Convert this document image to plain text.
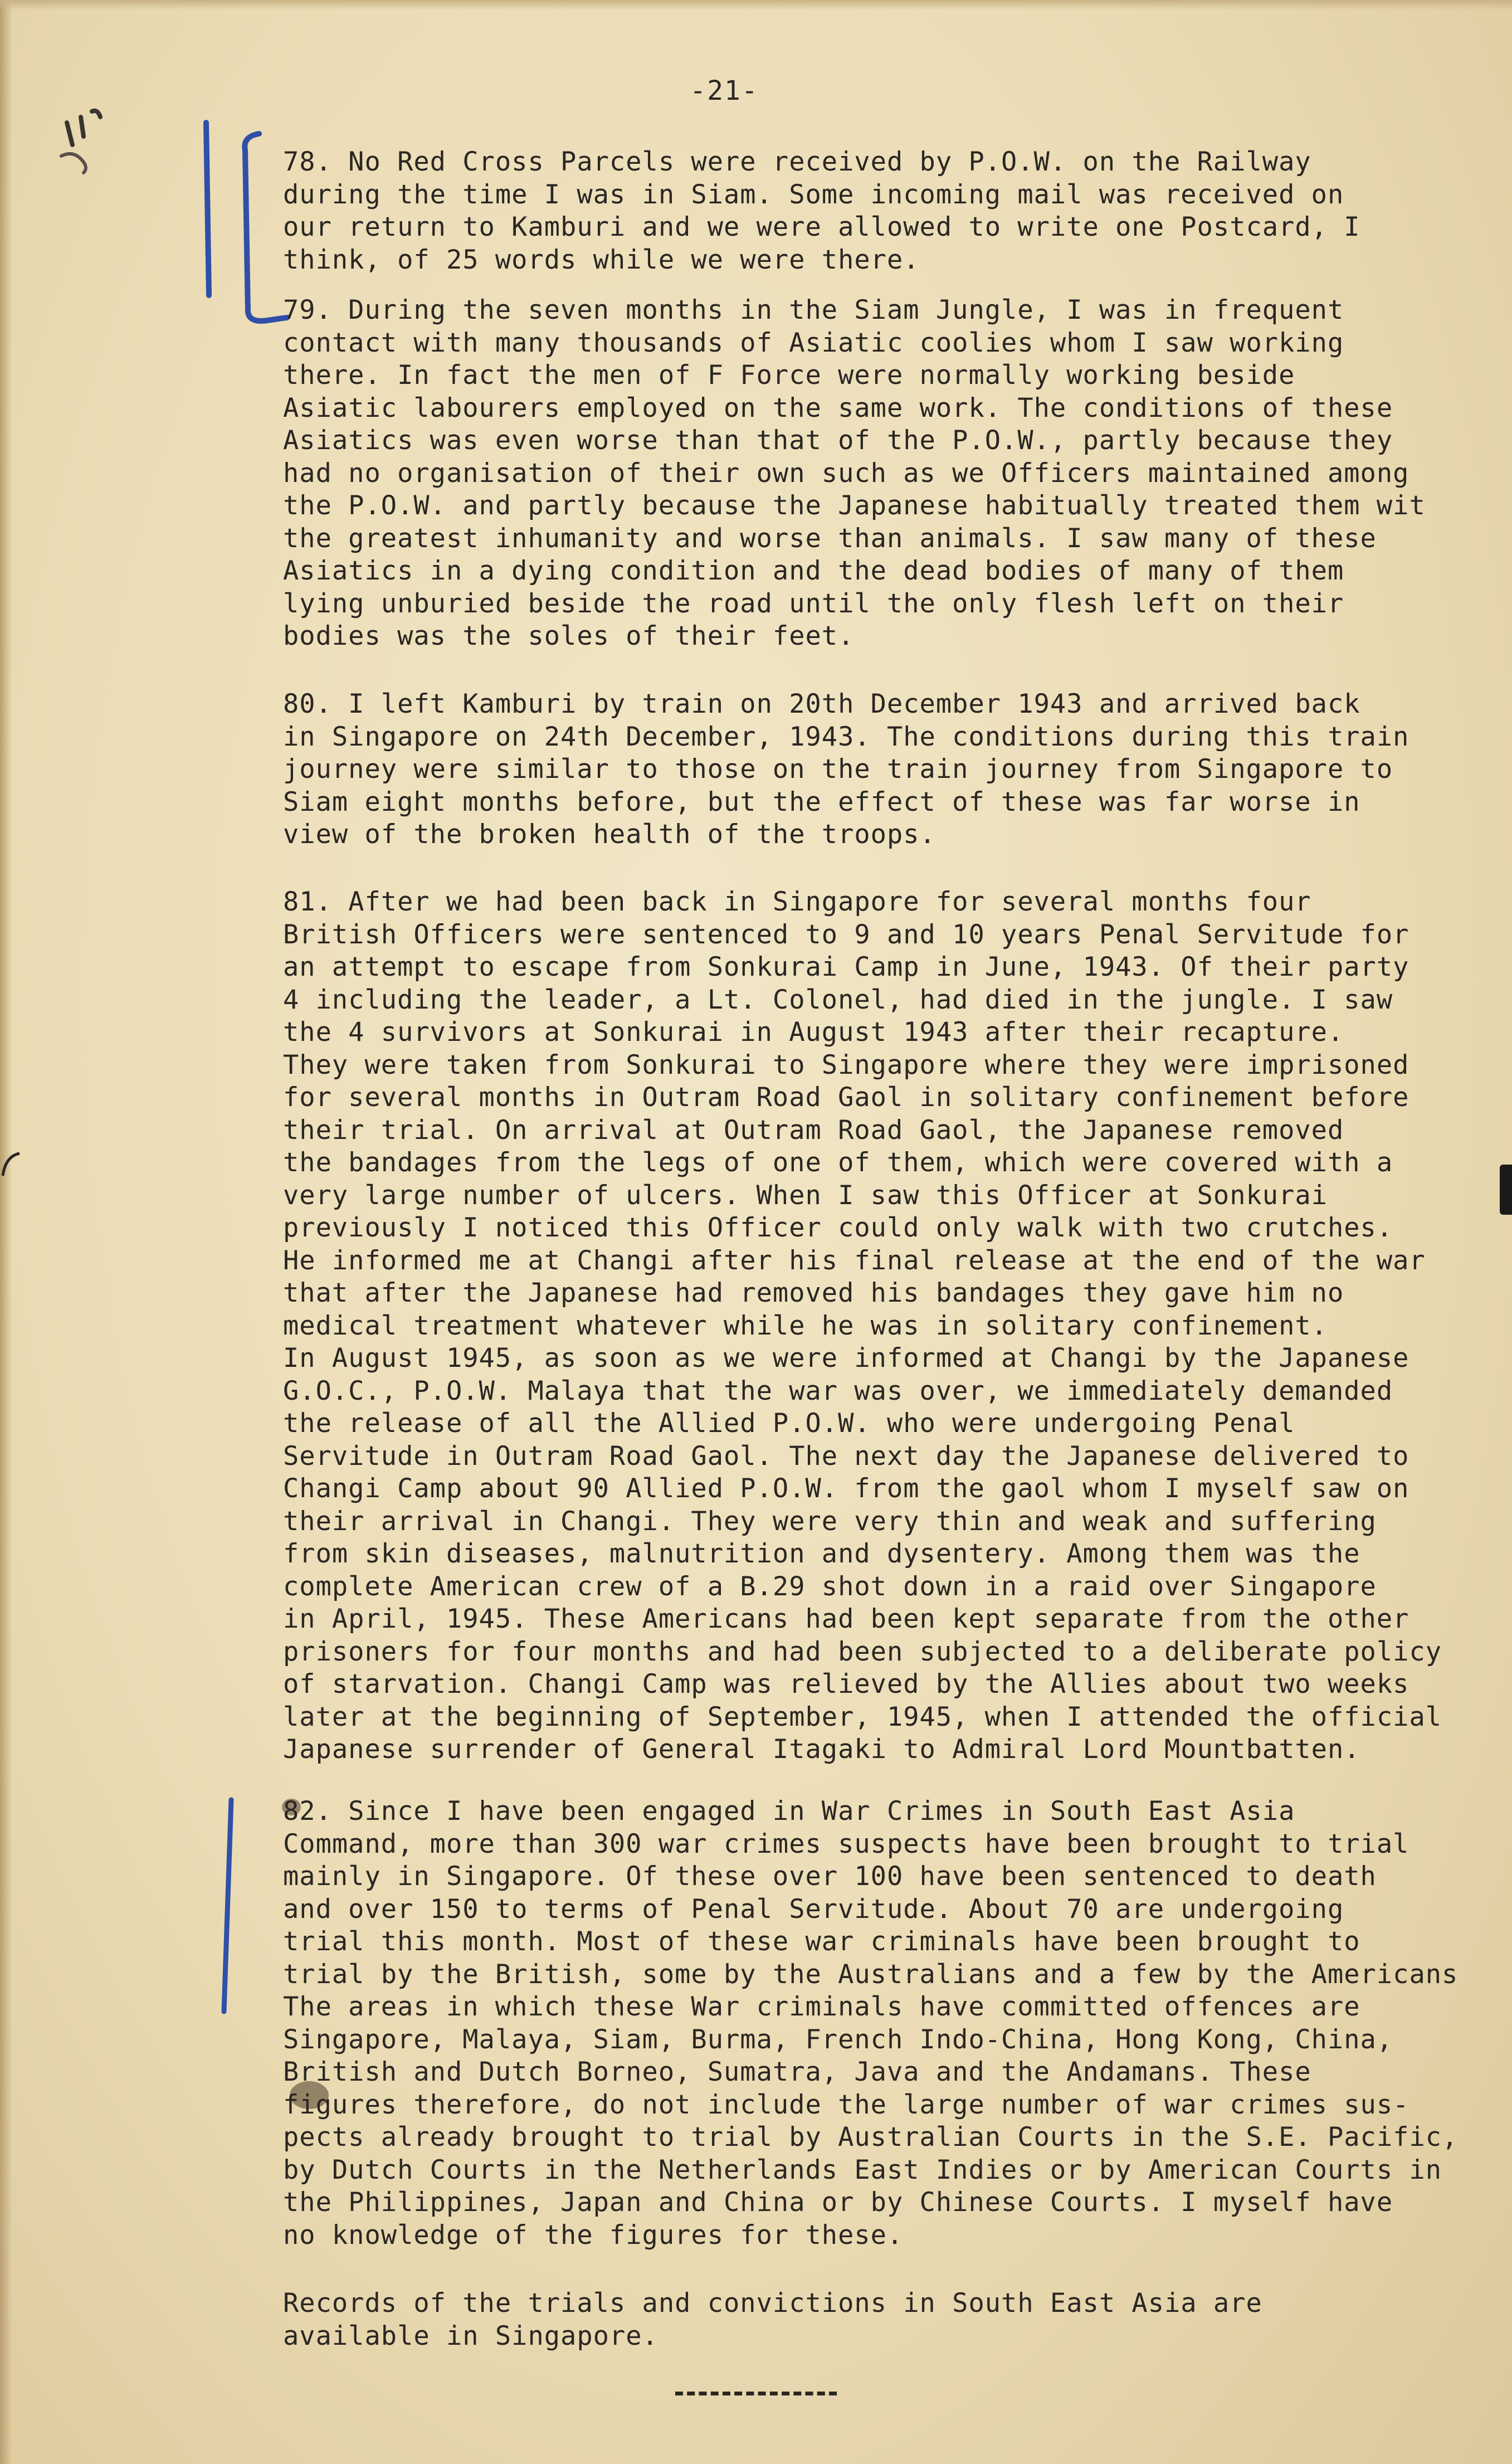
-21-
78. No Red Cross Parcels were received by P.O.W. on the Railway
during the time I was in Siam. Some incoming mail was received on
our return to Kamburi and we were allowed to write one Postcard, I
think, of 25 words while we were there.
79. During the seven months in the Siam Jungle, I was in frequent
contact with many thousands of Asiatic coolies whom I saw working
there. In fact the men of F Force were normally working beside
Asiatic labourers employed on the same work. The conditions of these
Asiatics was even worse than that of the P.O.W., partly because they
had no organisation of their own such as we Officers maintained among
the P.O.W. and partly because the Japanese habitually treated them wit
the greatest inhumanity and worse than animals. I saw many of these
Asiatics in a dying condition and the dead bodies of many of them
lying unburied beside the road until the only flesh left on their
bodies was the soles of their feet.
80. I left Kamburi by train on 20th December 1943 and arrived back
in Singapore on 24th December, 1943. The conditions during this train
journey were similar to those on the train journey from Singapore to
Siam eight months before, but the effect of these was far worse in
view of the broken health of the troops.
81. After we had been back in Singapore for several months four
British Officers were sentenced to 9 and 10 years Penal Servitude for
an attempt to escape from Sonkurai Camp in June, 1943. Of their party
4 including the leader, a Lt. Colonel, had died in the jungle. I saw
the 4 survivors at Sonkurai in August 1943 after their recapture.
They were taken from Sonkurai to Singapore where they were imprisoned
for several months in Outram Road Gaol in solitary confinement before
their trial. On arrival at Outram Road Gaol, the Japanese removed
the bandages from the legs of one of them, which were covered with a
very large number of ulcers. When I saw this Officer at Sonkurai
previously I noticed this Officer could only walk with two crutches.
He informed me at Changi after his final release at the end of the war
that after the Japanese had removed his bandages they gave him no
medical treatment whatever while he was in solitary confinement.
In August 1945, as soon as we were informed at Changi by the Japanese
G.O.C., P.O.W. Malaya that the war was over, we immediately demanded
the release of all the Allied P.O.W. who were undergoing Penal
Servitude in Outram Road Gaol. The next day the Japanese delivered to
Changi Camp about 90 Allied P.O.W. from the gaol whom I myself saw on
their arrival in Changi. They were very thin and weak and suffering
from skin diseases, malnutrition and dysentery. Among them was the
complete American crew of a B.29 shot down in a raid over Singapore
in April, 1945. These Americans had been kept separate from the other
prisoners for four months and had been subjected to a deliberate policy
of starvation. Changi Camp was relieved by the Allies about two weeks
later at the beginning of September, 1945, when I attended the official
Japanese surrender of General Itagaki to Admiral Lord Mountbatten.
82. Since I have been engaged in War Crimes in South East Asia
Command, more than 300 war crimes suspects have been brought to trial
mainly in Singapore. Of these over 100 have been sentenced to death
and over 150 to terms of Penal Servitude. About 70 are undergoing
trial this month. Most of these war criminals have been brought to
trial by the British, some by the Australians and a few by the Americans
The areas in which these War criminals have committed offences are
Singapore, Malaya, Siam, Burma, French Indo-China, Hong Kong, China,
British and Dutch Borneo, Sumatra, Java and the Andamans. These
figures therefore, do not include the large number of war crimes sus-
pects already brought to trial by Australian Courts in the S.E. Pacific,
by Dutch Courts in the Netherlands East Indies or by American Courts in
the Philippines, Japan and China or by Chinese Courts. I myself have
no knowledge of the figures for these.
Records of the trials and convictions in South East Asia are
available in Singapore.
